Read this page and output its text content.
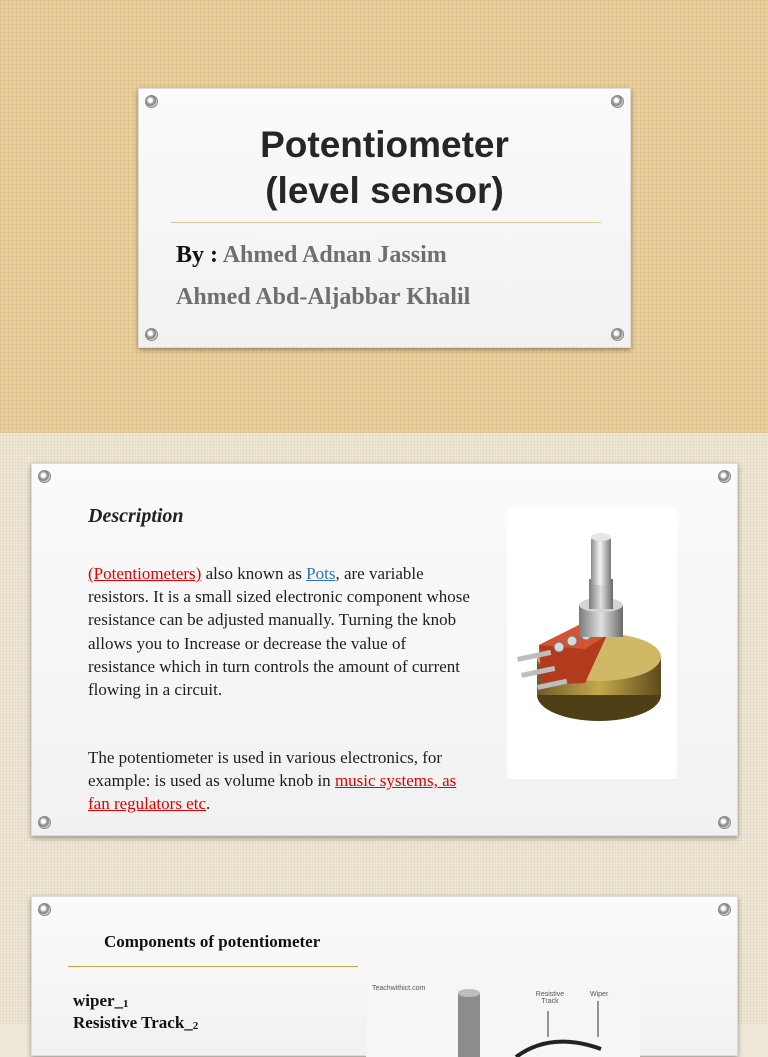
Potentiometer
(level sensor)
By : Ahmed Adnan Jassim
Ahmed Abd-Aljabbar Khalil
Description
(Potentiometers) also known as Pots, are variable resistors. It is a small sized electronic component whose resistance can be adjusted manually. Turning the knob allows you to Increase or decrease the value of resistance which in turn controls the amount of current flowing in a circuit.
The potentiometer is used in various electronics, for example: is used as volume knob in music systems, as fan regulators etc.
Components of potentiometer
$wiper\__1$
Resistive $Track\__2$
Teachwithict.com
Resistive Track
Wiper
